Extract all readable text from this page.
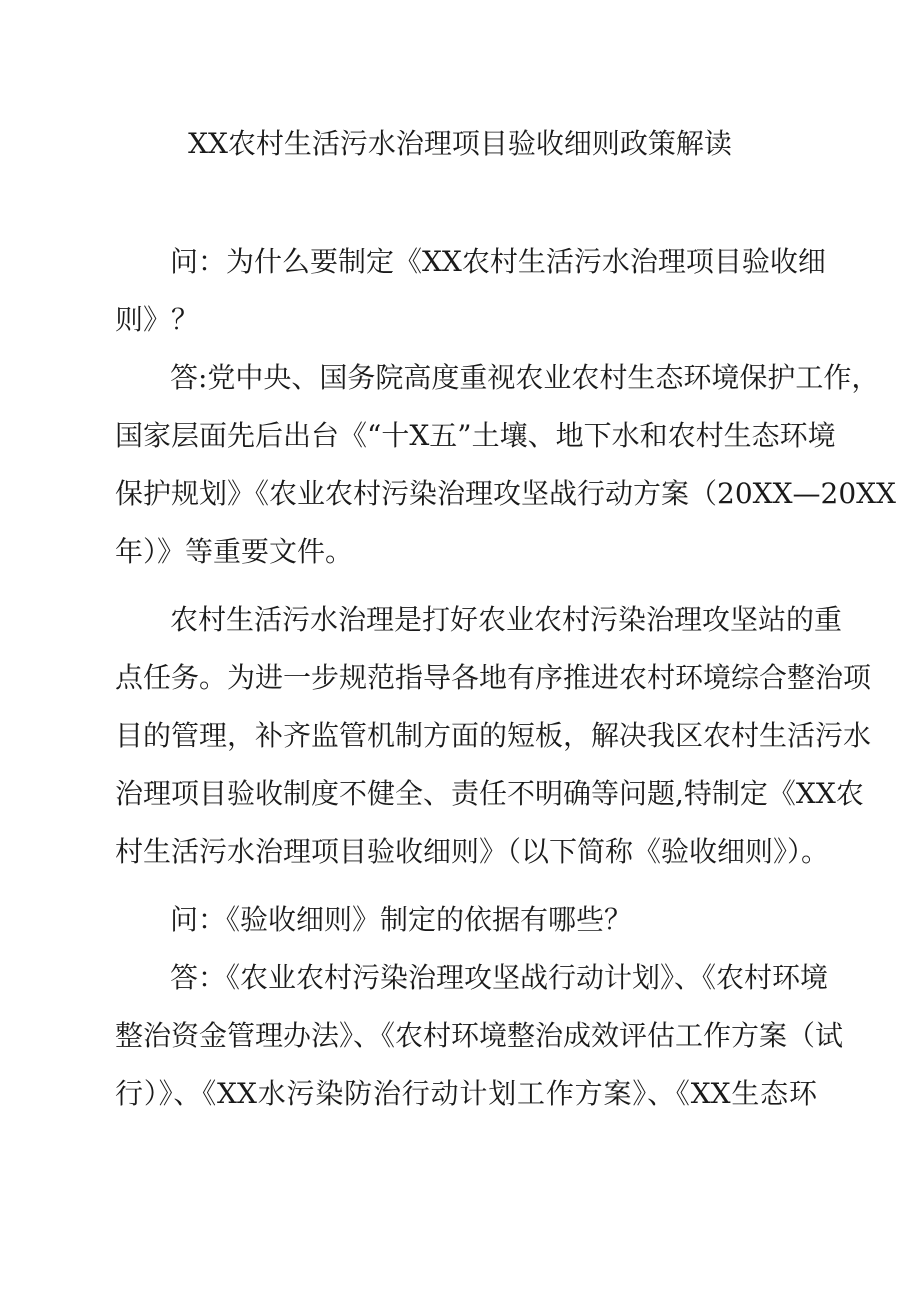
XX农村生活污水治理项目验收细则政策解读
问：为什么要制定《XX农村生活污水治理项目验收细
则》？
答:党中央、国务院高度重视农业农村生态环境保护工作，
国家层面先后出台《“十X五”土壤、地下水和农村生态环境
保护规划》《农业农村污染治理攻坚战行动方案（20XX—20XX
年）》等重要文件。
农村生活污水治理是打好农业农村污染治理攻坚站的重
点任务。为进一步规范指导各地有序推进农村环境综合整治项
目的管理，补齐监管机制方面的短板，解决我区农村生活污水
治理项目验收制度不健全、责任不明确等问题,特制定《XX农
村生活污水治理项目验收细则》（以下简称《验收细则》）。
问：《验收细则》制定的依据有哪些？
答：《农业农村污染治理攻坚战行动计划》、《农村环境
整治资金管理办法》、《农村环境整治成效评估工作方案（试
行）》、《XX水污染防治行动计划工作方案》、《XX生态环
